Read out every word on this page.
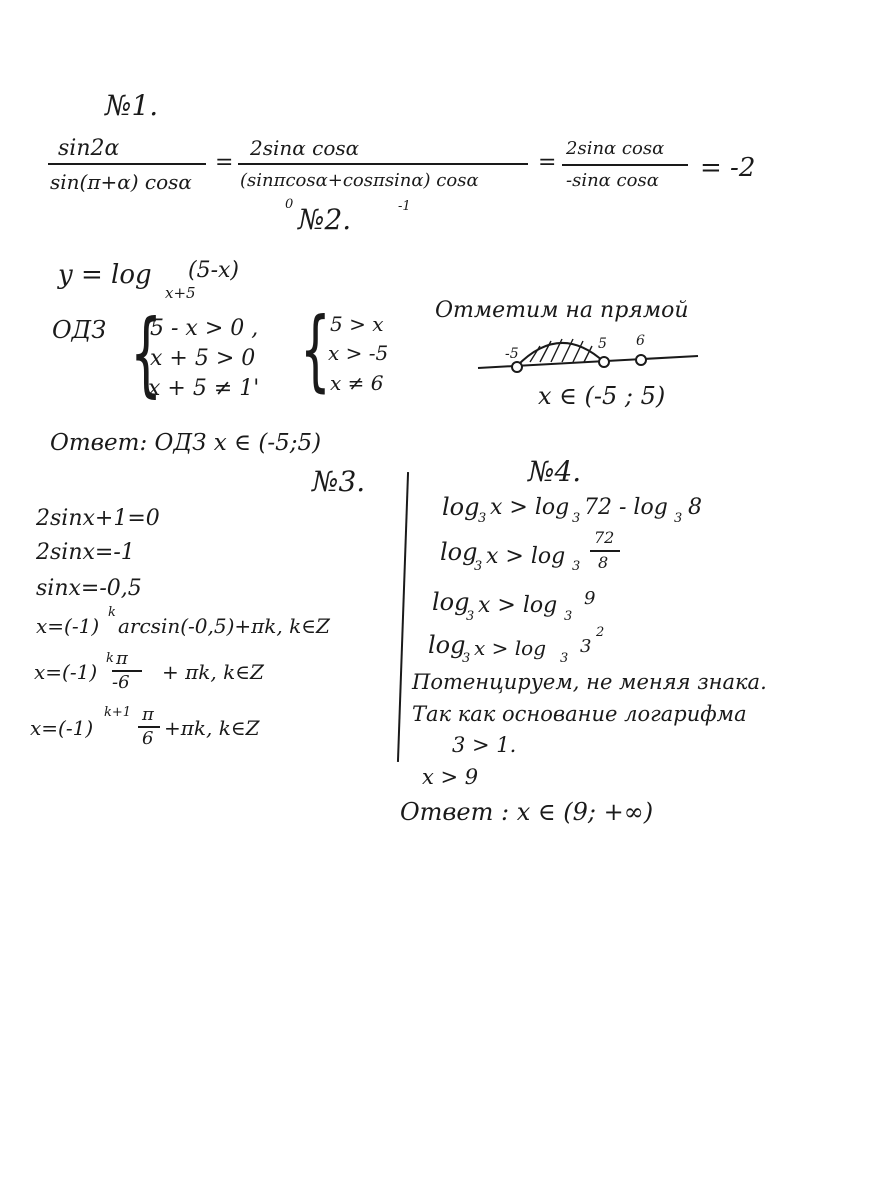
№1.
sin2α
sin(π+α) cosα
=
2sinα cosα
(sinπcosα+cosπsinα) cosα
0	-1
=
2sinα cosα
-sinα cosα = -2
№2.
y = log
x+5
(5-x)
ОДЗ {
5 - x > 0 ,
x + 5 > 0
x + 5 ≠ 1' { 5 > x
x > -5
x ≠ 6
Отметим на прямой
-5
5 6
x ∈ (-5 ; 5)
Ответ: ОДЗ x ∈ (-5;5)
№3.
2sinx+1=0
2sinx=-1
sinx=-0,5
x=(-1)
k
arcsin(-0,5)+πk, k∈Z
x=(-1)
k π
-6 + πk, k∈Z
x=(-1)
k+1 π
6 +πk, k∈Z
№4.
log
3 x > log 3 72 - log 3 8
log
3 x > log 3
72
8
log
3 x > log 3
9
log
3 x > log 3
3
2
Потенцируем, не меняя знака.
Так как основание логарифма
3 > 1.
x > 9
Ответ : x ∈ (9; +∞)
